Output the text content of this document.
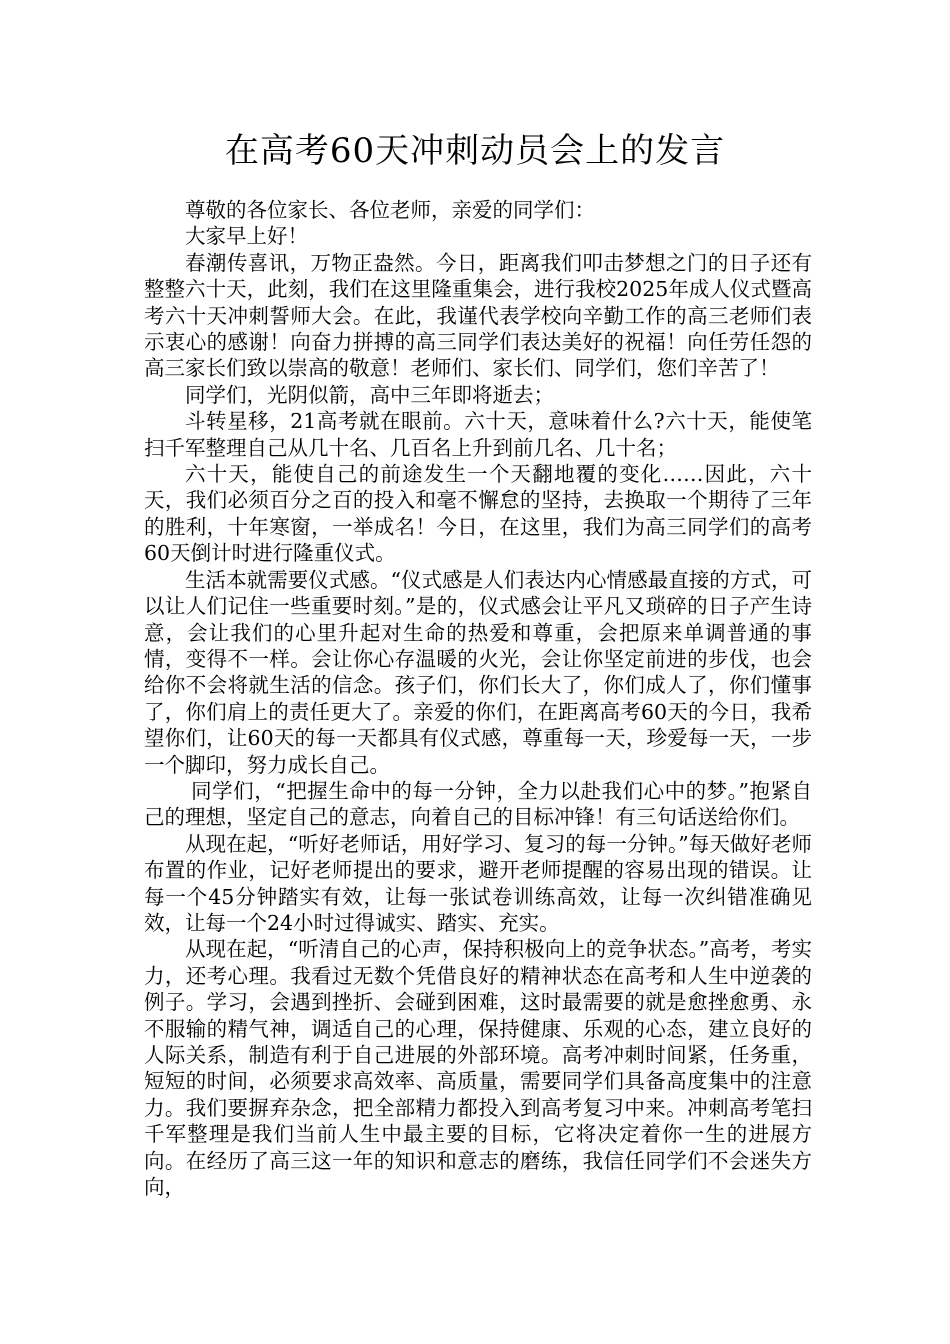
在高考60天冲刺动员会上的发言

尊敬的各位家长、各位老师，亲爱的同学们：

大家早上好！

春潮传喜讯，万物正盎然。今日，距离我们叩击梦想之门的日子还有整整六十天，此刻，我们在这里隆重集会，进行我校2025年成人仪式暨高考六十天冲刺誓师大会。在此，我谨代表学校向辛勤工作的高三老师们表示衷心的感谢！向奋力拼搏的高三同学们表达美好的祝福！向任劳任怨的高三家长们致以崇高的敬意！老师们、家长们、同学们，您们辛苦了！

同学们，光阴似箭，高中三年即将逝去；

斗转星移，21高考就在眼前。六十天，意味着什么?六十天，能使笔扫千军整理自己从几十名、几百名上升到前几名、几十名；

六十天，能使自己的前途发生一个天翻地覆的变化……因此，六十天，我们必须百分之百的投入和毫不懈怠的坚持，去换取一个期待了三年的胜利，十年寒窗，一举成名！今日，在这里，我们为高三同学们的高考60天倒计时进行隆重仪式。

生活本就需要仪式感。“仪式感是人们表达内心情感最直接的方式，可以让人们记住一些重要时刻。”是的，仪式感会让平凡又琐碎的日子产生诗意，会让我们的心里升起对生命的热爱和尊重，会把原来单调普通的事情，变得不一样。会让你心存温暖的火光，会让你坚定前进的步伐，也会给你不会将就生活的信念。孩子们，你们长大了，你们成人了，你们懂事了，你们肩上的责任更大了。亲爱的你们，在距离高考60天的今日，我希望你们，让60天的每一天都具有仪式感，尊重每一天，珍爱每一天，一步一个脚印，努力成长自己。

同学们，“把握生命中的每一分钟，全力以赴我们心中的梦。”抱紧自己的理想，坚定自己的意志，向着自己的目标冲锋！有三句话送给你们。

从现在起，“听好老师话，用好学习、复习的每一分钟。”每天做好老师布置的作业，记好老师提出的要求，避开老师提醒的容易出现的错误。让每一个45分钟踏实有效，让每一张试卷训练高效，让每一次纠错准确见效，让每一个24小时过得诚实、踏实、充实。

从现在起，“听清自己的心声，保持积极向上的竞争状态。”高考，考实力，还考心理。我看过无数个凭借良好的精神状态在高考和人生中逆袭的例子。学习，会遇到挫折、会碰到困难，这时最需要的就是愈挫愈勇、永不服输的精气神，调适自己的心理，保持健康、乐观的心态，建立良好的人际关系，制造有利于自己进展的外部环境。高考冲刺时间紧，任务重，短短的时间，必须要求高效率、高质量，需要同学们具备高度集中的注意力。我们要摒弃杂念，把全部精力都投入到高考复习中来。冲刺高考笔扫千军整理是我们当前人生中最主要的目标，它将决定着你一生的进展方向。在经历了高三这一年的知识和意志的磨练，我信任同学们不会迷失方向，
